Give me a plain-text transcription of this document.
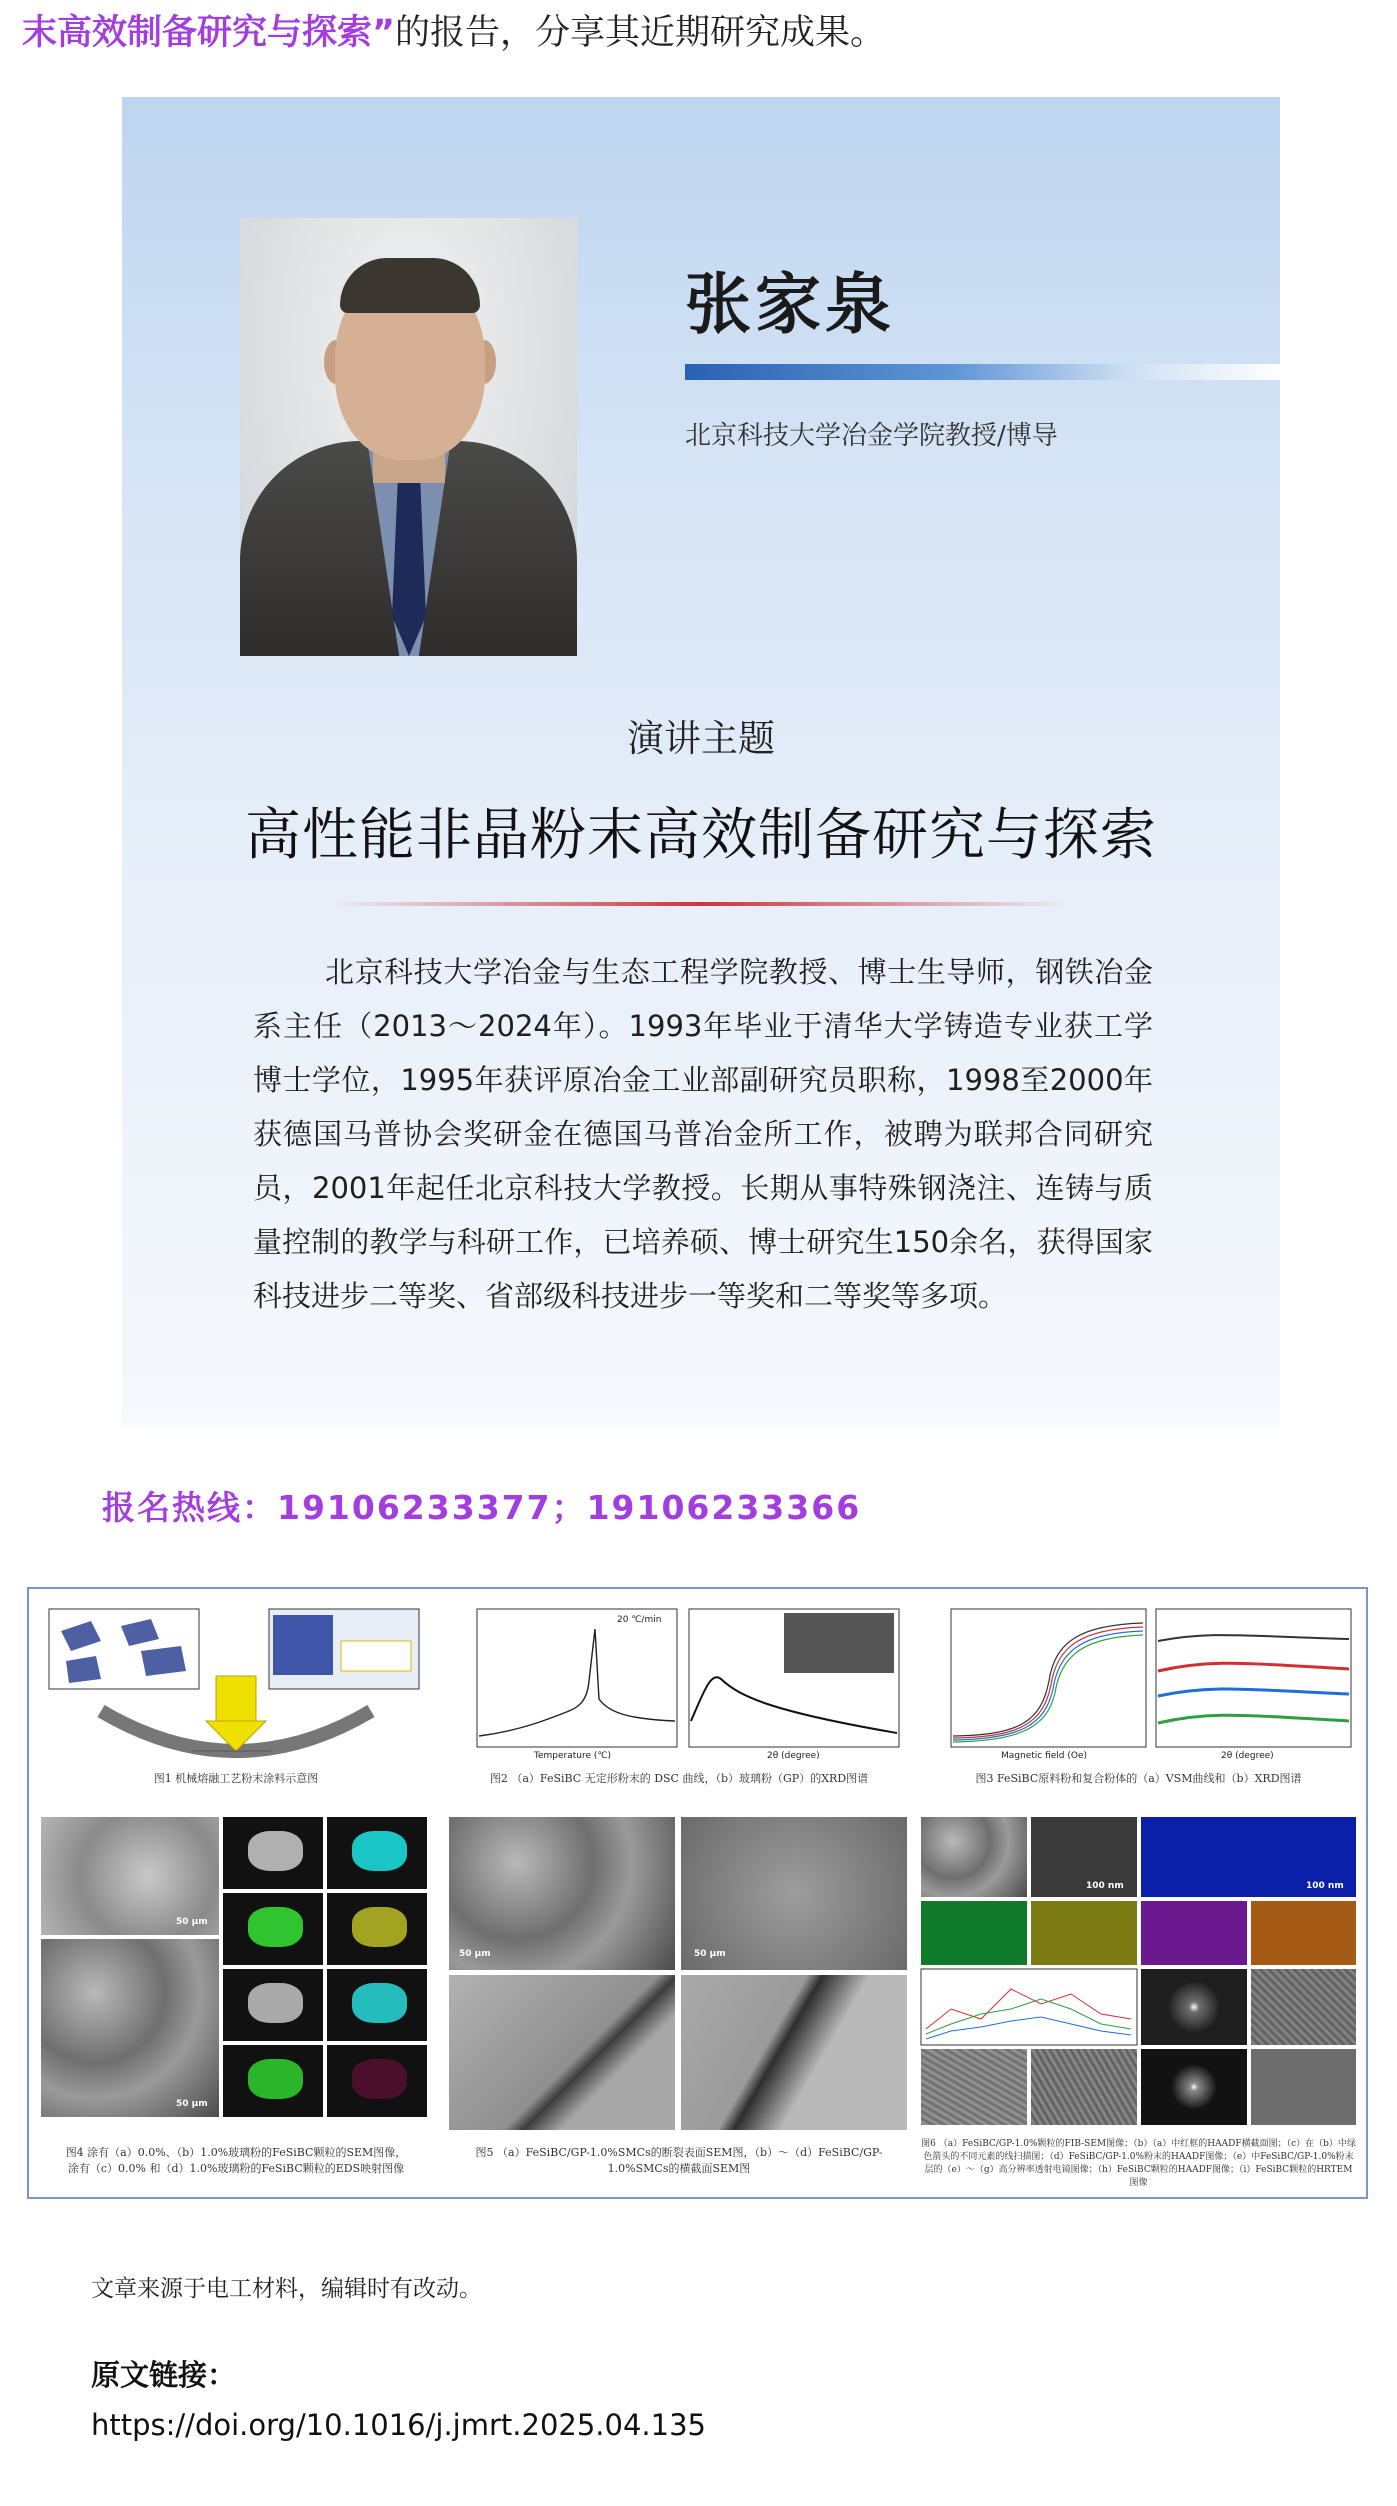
末高效制备研究与探索”的报告，分享其近期研究成果。
张家泉
北京科技大学冶金学院教授/博导
演讲主题
高性能非晶粉末高效制备研究与探索
北京科技大学冶金与生态工程学院教授、博士生导师，钢铁冶金系主任（2013～2024年）。1993年毕业于清华大学铸造专业获工学博士学位，1995年获评原冶金工业部副研究员职称，1998至2000年获德国马普协会奖研金在德国马普冶金所工作，被聘为联邦合同研究员，2001年起任北京科技大学教授。长期从事特殊钢浇注、连铸与质量控制的教学与科研工作，已培养硕、博士研究生150余名，获得国家科技进步二等奖、省部级科技进步一等奖和二等奖等多项。
报名热线：19106233377；19106233366
图1 机械熔融工艺粉末涂料示意图
20 ℃/min
Temperature (℃)	2θ (degree)
图2 （a）FeSiBC 无定形粉末的 DSC 曲线，（b）玻璃粉（GP）的XRD图谱
Magnetic field (Oe)	2θ (degree)
图3 FeSiBC原料粉和复合粉体的（a）VSM曲线和（b）XRD图谱
50 μm
50 μm
图4 涂有（a）0.0%、（b）1.0%玻璃粉的FeSiBC颗粒的SEM图像，
涂有（c）0.0% 和（d）1.0%玻璃粉的FeSiBC颗粒的EDS映射图像
50 μm	50 μm
图5 （a）FeSiBC/GP-1.0%SMCs的断裂表面SEM图，（b）～（d）FeSiBC/GP-
1.0%SMCs的横截面SEM图
100 nm	100 nm
图6 （a）FeSiBC/GP-1.0%颗粒的FIB-SEM图像；（b）（a）中红框的HAADF横截面图；（c）在（b）中绿
色箭头的不同元素的线扫描图；（d）FeSiBC/GP-1.0%粉末的HAADF图像；（e）中FeSiBC/GP-1.0%粉末
层的（e）～（g）高分辨率透射电镜图像；（h）FeSiBC颗粒的HAADF图像；（i）FeSiBC颗粒的HRTEM图像
文章来源于电工材料，编辑时有改动。
原文链接：
https://doi.org/10.1016/j.jmrt.2025.04.135
